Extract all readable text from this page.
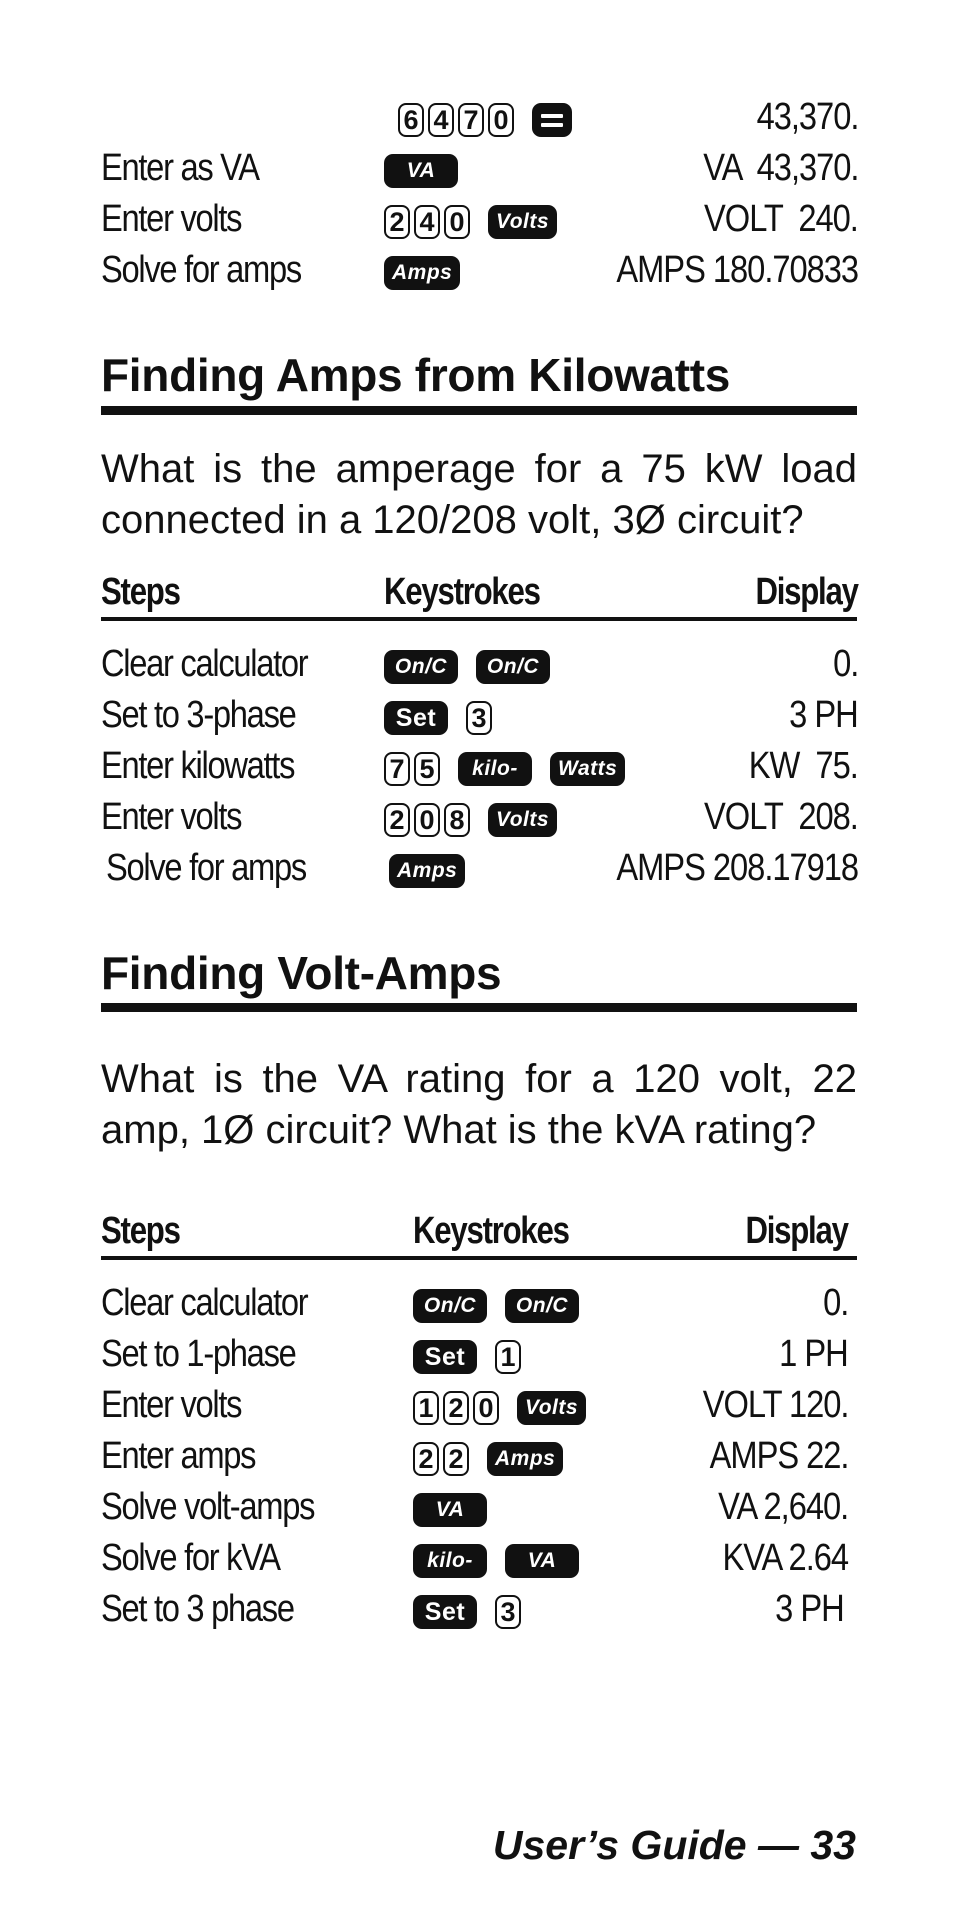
6 4 7 0	43,370.
Enter as VA	VA	VA  43,370.
Enter volts	2 4 0	Volts	VOLT  240.
Solve for amps	Amps	AMPS 180.70833
Finding Amps from Kilowatts
What is the amperage for a 75 kW load connected in a 120/208 volt, 3Ø circuit?
Steps	Keystrokes	Display
Clear calculator	On/C	On/C	0.
Set to 3-phase	Set	3	3 PH
Enter kilowatts	7 5	kilo-	Watts	KW  75.
Enter volts	2 0 8	Volts	VOLT  208.
Solve for amps	Amps	AMPS 208.17918
Finding Volt-Amps
What is the VA rating for a 120 volt, 22 amp, 1Ø circuit? What is the kVA rating?
Steps	Keystrokes	Display
Clear calculator	On/C	On/C	0.
Set to 1-phase	Set	1	1 PH
Enter volts	1 2 0	Volts	VOLT 120.
Enter amps	2 2	Amps	AMPS 22.
Solve volt-amps	VA	VA 2,640.
Solve for kVA	kilo-	VA	KVA 2.64
Set to 3 phase	Set	3	3 PH
User’s Guide — 33
